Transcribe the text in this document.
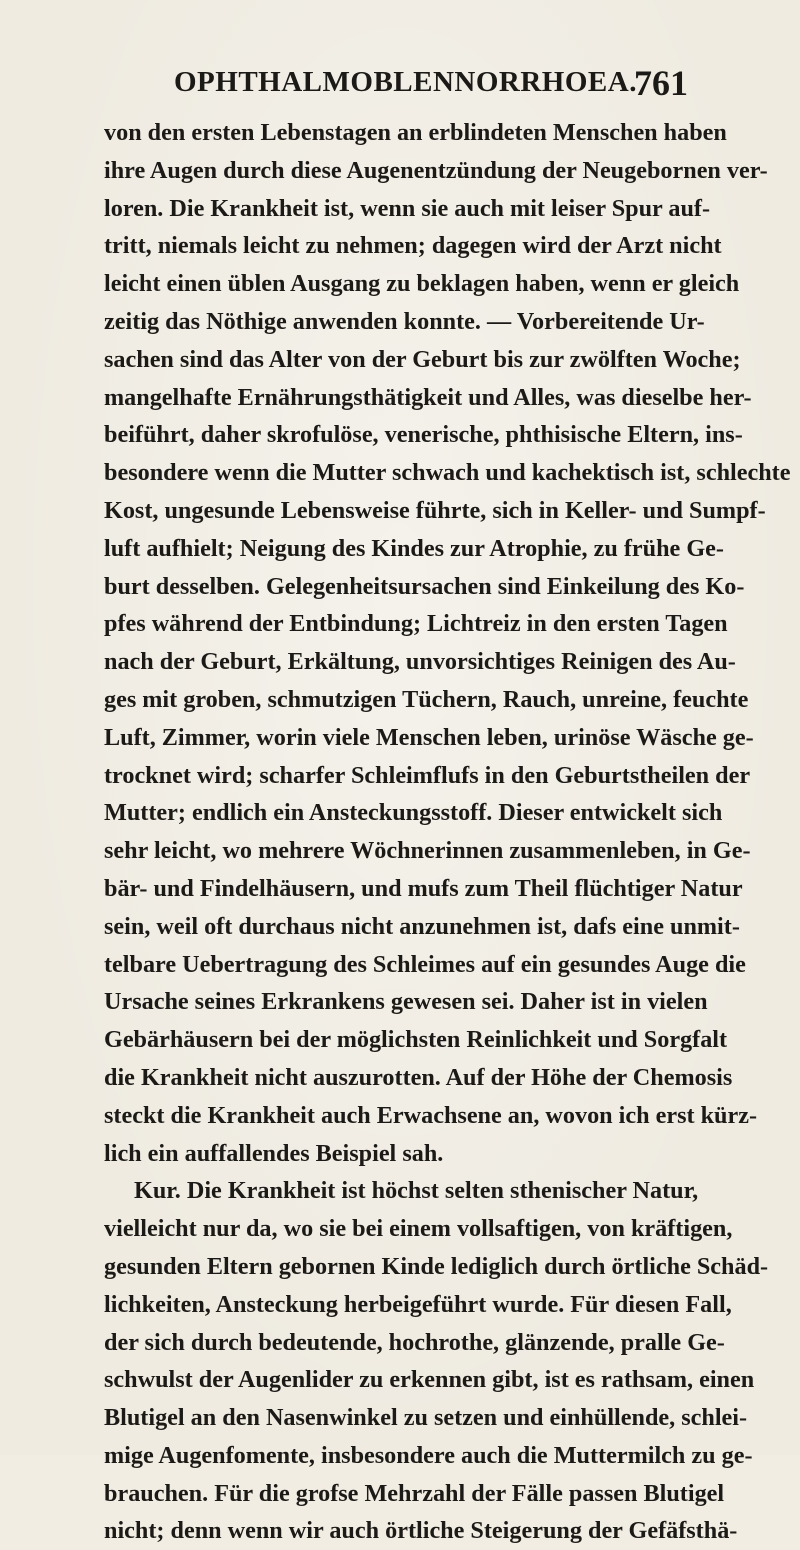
OPHTHALMOBLENNORRHOEA.
761
von den ersten Lebenstagen an erblindeten Menschen haben
ihre Augen durch diese Augenentzündung der Neugebornen ver-
loren. Die Krankheit ist, wenn sie auch mit leiser Spur auf-
tritt, niemals leicht zu nehmen; dagegen wird der Arzt nicht
leicht einen üblen Ausgang zu beklagen haben, wenn er gleich
zeitig das Nöthige anwenden konnte. — Vorbereitende Ur-
sachen sind das Alter von der Geburt bis zur zwölften Woche;
mangelhafte Ernährungsthätigkeit und Alles, was dieselbe her-
beiführt, daher skrofulöse, venerische, phthisische Eltern, ins-
besondere wenn die Mutter schwach und kachektisch ist, schlechte
Kost, ungesunde Lebensweise führte, sich in Keller- und Sumpf-
luft aufhielt; Neigung des Kindes zur Atrophie, zu frühe Ge-
burt desselben. Gelegenheitsursachen sind Einkeilung des Ko-
pfes während der Entbindung; Lichtreiz in den ersten Tagen
nach der Geburt, Erkältung, unvorsichtiges Reinigen des Au-
ges mit groben, schmutzigen Tüchern, Rauch, unreine, feuchte
Luft, Zimmer, worin viele Menschen leben, urinöse Wäsche ge-
trocknet wird; scharfer Schleimflufs in den Geburtstheilen der
Mutter; endlich ein Ansteckungsstoff. Dieser entwickelt sich
sehr leicht, wo mehrere Wöchnerinnen zusammenleben, in Ge-
bär- und Findelhäusern, und mufs zum Theil flüchtiger Natur
sein, weil oft durchaus nicht anzunehmen ist, dafs eine unmit-
telbare Uebertragung des Schleimes auf ein gesundes Auge die
Ursache seines Erkrankens gewesen sei. Daher ist in vielen
Gebärhäusern bei der möglichsten Reinlichkeit und Sorgfalt
die Krankheit nicht auszurotten. Auf der Höhe der Chemosis
steckt die Krankheit auch Erwachsene an, wovon ich erst kürz-
lich ein auffallendes Beispiel sah.
Kur. Die Krankheit ist höchst selten sthenischer Natur,
vielleicht nur da, wo sie bei einem vollsaftigen, von kräftigen,
gesunden Eltern gebornen Kinde lediglich durch örtliche Schäd-
lichkeiten, Ansteckung herbeigeführt wurde. Für diesen Fall,
der sich durch bedeutende, hochrothe, glänzende, pralle Ge-
schwulst der Augenlider zu erkennen gibt, ist es rathsam, einen
Blutigel an den Nasenwinkel zu setzen und einhüllende, schlei-
mige Augenfomente, insbesondere auch die Muttermilch zu ge-
brauchen. Für die grofse Mehrzahl der Fälle passen Blutigel
nicht; denn wenn wir auch örtliche Steigerung der Gefäfsthä-
